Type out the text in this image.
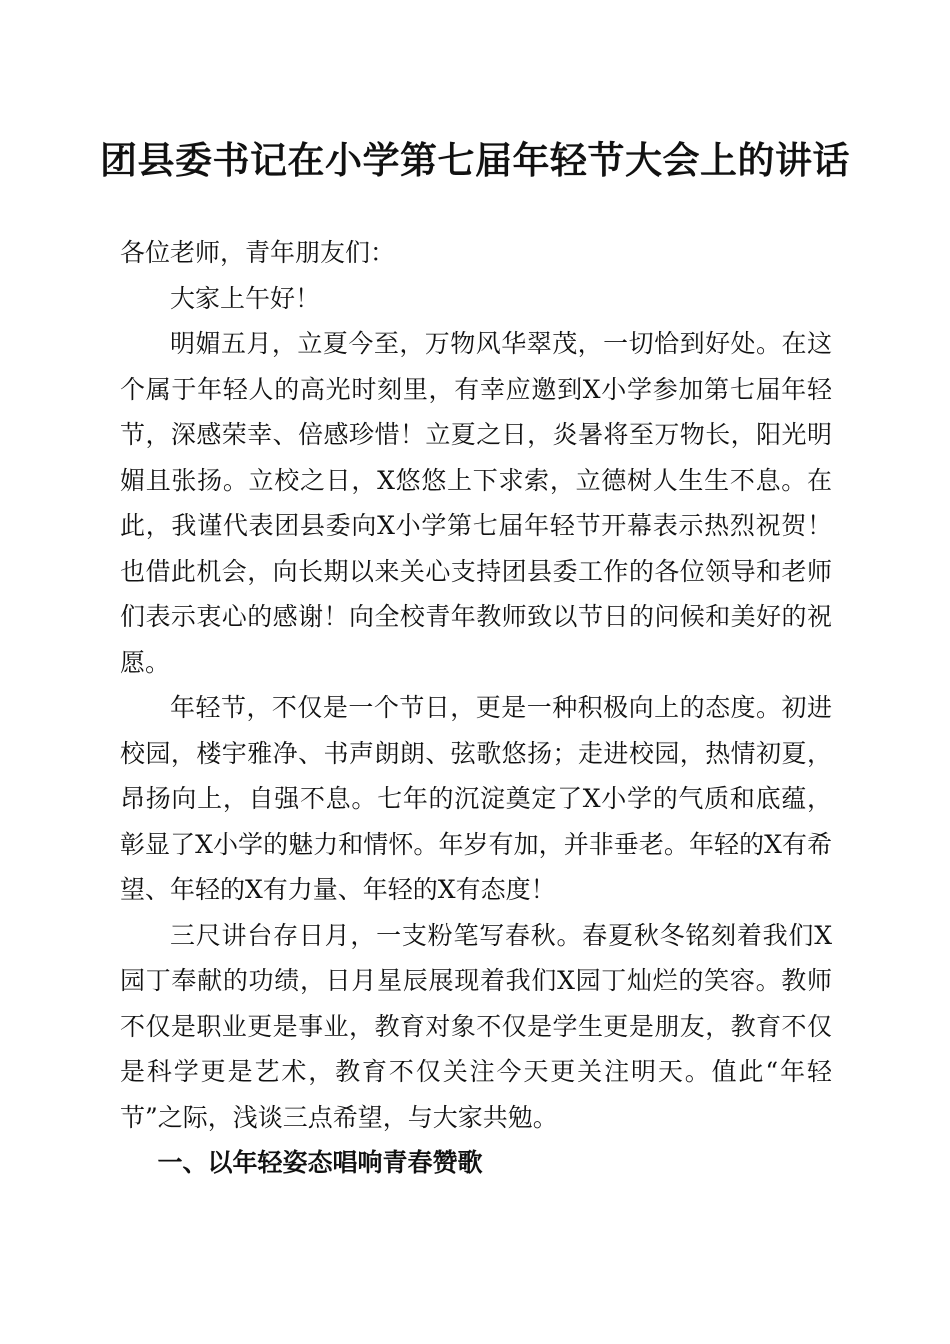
团县委书记在小学第七届年轻节大会上的讲话

各位老师，青年朋友们：

大家上午好！

明媚五月，立夏今至，万物风华翠茂，一切恰到好处。在这个属于年轻人的高光时刻里，有幸应邀到X小学参加第七届年轻节，深感荣幸、倍感珍惜！立夏之日，炎暑将至万物长，阳光明媚且张扬。立校之日，X悠悠上下求索，立德树人生生不息。在此，我谨代表团县委向X小学第七届年轻节开幕表示热烈祝贺！也借此机会，向长期以来关心支持团县委工作的各位领导和老师们表示衷心的感谢！向全校青年教师致以节日的问候和美好的祝愿。

年轻节，不仅是一个节日，更是一种积极向上的态度。初进校园，楼宇雅净、书声朗朗、弦歌悠扬；走进校园，热情初夏，昂扬向上，自强不息。七年的沉淀奠定了X小学的气质和底蕴，彰显了X小学的魅力和情怀。年岁有加，并非垂老。年轻的X有希望、年轻的X有力量、年轻的X有态度！

三尺讲台存日月，一支粉笔写春秋。春夏秋冬铭刻着我们X园丁奉献的功绩，日月星辰展现着我们X园丁灿烂的笑容。教师不仅是职业更是事业，教育对象不仅是学生更是朋友，教育不仅是科学更是艺术，教育不仅关注今天更关注明天。值此“年轻节”之际，浅谈三点希望，与大家共勉。

一、以年轻姿态唱响青春赞歌
